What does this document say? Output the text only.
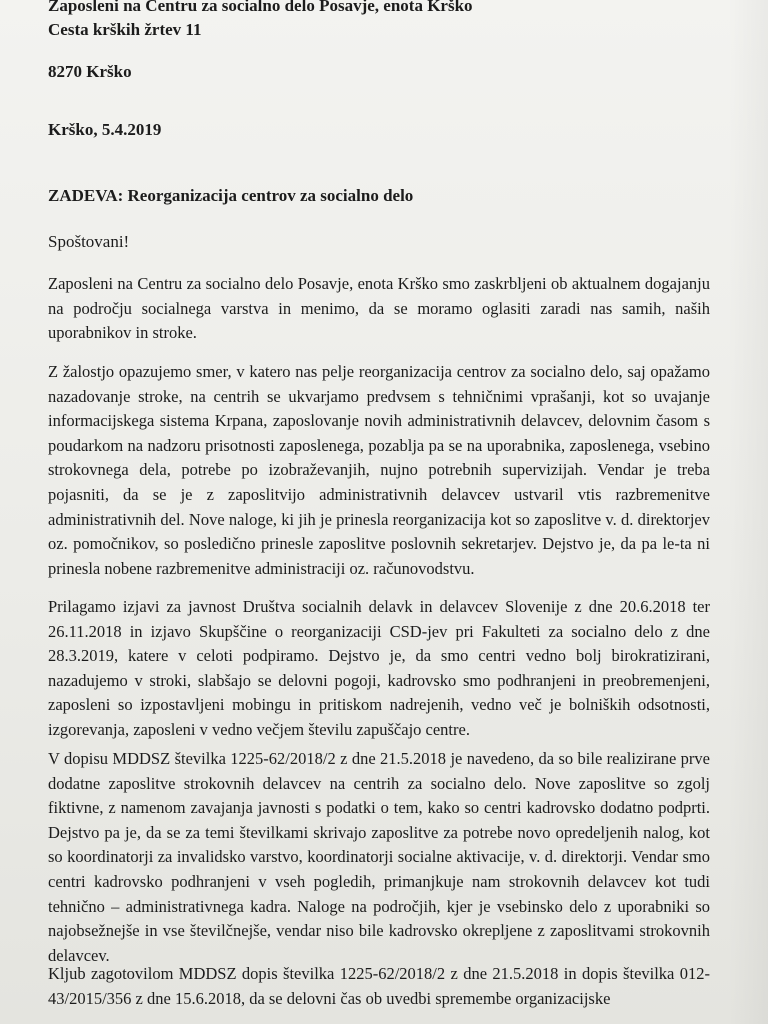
Zaposleni na Centru za socialno delo Posavje, enota Krško
Cesta krških žrtev 11
8270 Krško
Krško, 5.4.2019
ZADEVA: Reorganizacija centrov za socialno delo
Spoštovani!

Zaposleni na Centru za socialno delo Posavje, enota Krško smo zaskrbljeni ob aktualnem dogajanju na področju socialnega varstva in menimo, da se moramo oglasiti zaradi nas samih, naših uporabnikov in stroke.

Z žalostjo opazujemo smer, v katero nas pelje reorganizacija centrov za socialno delo, saj opažamo nazadovanje stroke, na centrih se ukvarjamo predvsem s tehničnimi vprašanji, kot so uvajanje informacijskega sistema Krpana, zaposlovanje novih administrativnih delavcev, delovnim časom s poudarkom na nadzoru prisotnosti zaposlenega, pozablja pa se na uporabnika, zaposlenega, vsebino strokovnega dela, potrebe po izobraževanjih, nujno potrebnih supervizijah. Vendar je treba pojasniti, da se je z zaposlitvijo administrativnih delavcev ustvaril vtis razbremenitve administrativnih del. Nove naloge, ki jih je prinesla reorganizacija kot so zaposlitve v. d. direktorjev oz. pomočnikov, so posledično prinesle zaposlitve poslovnih sekretarjev. Dejstvo je, da pa le-ta ni prinesla nobene razbremenitve administraciji oz. računovodstvu.

Prilagamo izjavi za javnost Društva socialnih delavk in delavcev Slovenije z dne 20.6.2018 ter 26.11.2018 in izjavo Skupščine o reorganizaciji CSD-jev pri Fakulteti za socialno delo z dne 28.3.2019, katere v celoti podpiramo. Dejstvo je, da smo centri vedno bolj birokratizirani, nazadujemo v stroki, slabšajo se delovni pogoji, kadrovsko smo podhranjeni in preobremenjeni, zaposleni so izpostavljeni mobingu in pritiskom nadrejenih, vedno več je bolniških odsotnosti, izgorevanja, zaposleni v vedno večjem številu zapuščajo centre.

V dopisu MDDSZ številka 1225-62/2018/2 z dne 21.5.2018 je navedeno, da so bile realizirane prve dodatne zaposlitve strokovnih delavcev na centrih za socialno delo. Nove zaposlitve so zgolj fiktivne, z namenom zavajanja javnosti s podatki o tem, kako so centri kadrovsko dodatno podprti. Dejstvo pa je, da se za temi številkami skrivajo zaposlitve za potrebe novo opredeljenih nalog, kot so koordinatorji za invalidsko varstvo, koordinatorji socialne aktivacije, v. d. direktorji. Vendar smo centri kadrovsko podhranjeni v vseh pogledih, primanjkuje nam strokovnih delavcev kot tudi tehnično – administrativnega kadra. Naloge na področjih, kjer je vsebinsko delo z uporabniki so najobsežnejše in vse številčnejše, vendar niso bile kadrovsko okrepljene z zaposlitvami strokovnih delavcev.

Kljub zagotovilom MDDSZ dopis številka 1225-62/2018/2 z dne 21.5.2018 in dopis številka 012-43/2015/356 z dne 15.6.2018, da se delovni čas ob uvedbi spremembe organizacijske
